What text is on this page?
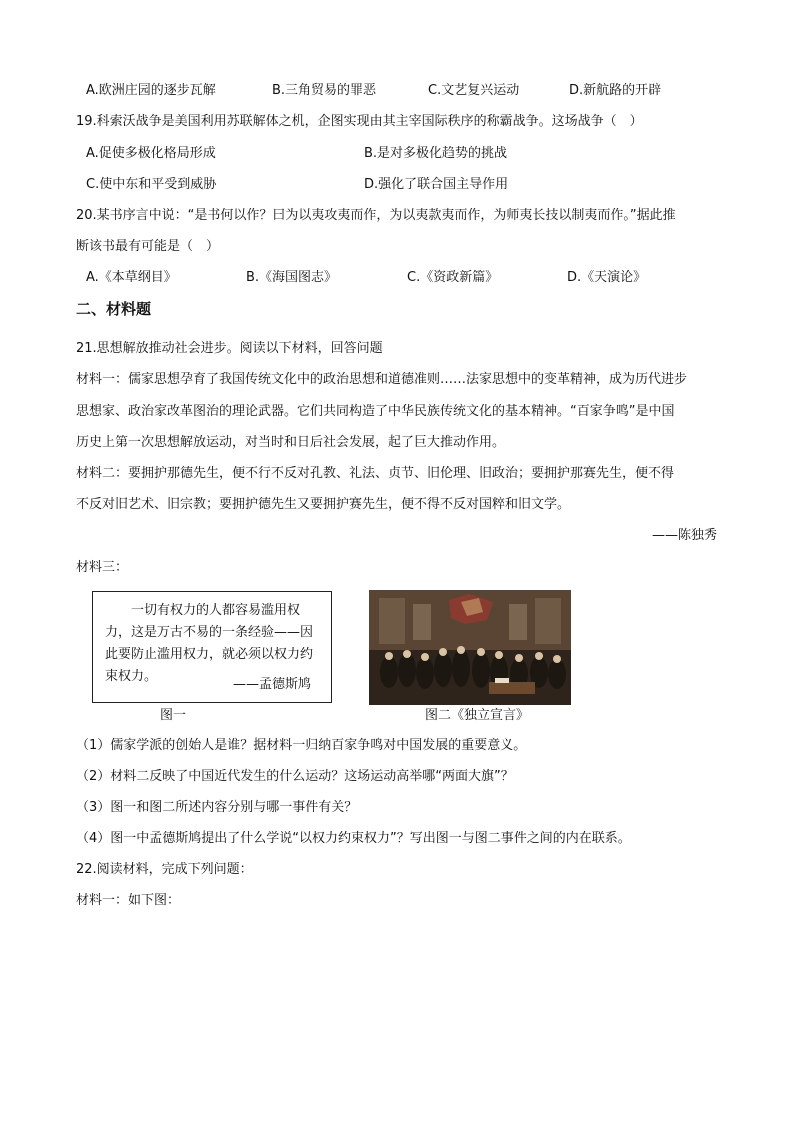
A.欧洲庄园的逐步瓦解	B.三角贸易的罪恶	C.文艺复兴运动	D.新航路的开辟
19.科索沃战争是美国利用苏联解体之机，企图实现由其主宰国际秩序的称霸战争。这场战争（　）
A.促使多极化格局形成	B.是对多极化趋势的挑战
C.使中东和平受到威胁	D.强化了联合国主导作用
20.某书序言中说：“是书何以作？曰为以夷攻夷而作，为以夷款夷而作，为师夷长技以制夷而作。”据此推
断该书最有可能是（　）
A.《本草纲目》	B.《海国图志》	C.《资政新篇》	D.《天演论》
二、材料题
21.思想解放推动社会进步。阅读以下材料，回答问题
材料一：儒家思想孕育了我国传统文化中的政治思想和道德准则……法家思想中的变革精神，成为历代进步
思想家、政治家改革图治的理论武器。它们共同构造了中华民族传统文化的基本精神。“百家争鸣”是中国
历史上第一次思想解放运动，对当时和日后社会发展，起了巨大推动作用。
材料二：要拥护那德先生，便不行不反对孔教、礼法、贞节、旧伦理、旧政治；要拥护那赛先生，便不得
不反对旧艺术、旧宗教；要拥护德先生又要拥护赛先生，便不得不反对国粹和旧文学。
——陈独秀
材料三：
一切有权力的人都容易滥用权力，这是万古不易的一条经验——因此要防止滥用权力，就必须以权力约束权力。
——孟德斯鸠
图一	图二《独立宣言》
（1）儒家学派的创始人是谁？据材料一归纳百家争鸣对中国发展的重要意义。
（2）材料二反映了中国近代发生的什么运动？这场运动高举哪“两面大旗”？
（3）图一和图二所述内容分别与哪一事件有关？
（4）图一中孟德斯鸠提出了什么学说“以权力约束权力”？写出图一与图二事件之间的内在联系。
22.阅读材料，完成下列问题：
材料一：如下图：
